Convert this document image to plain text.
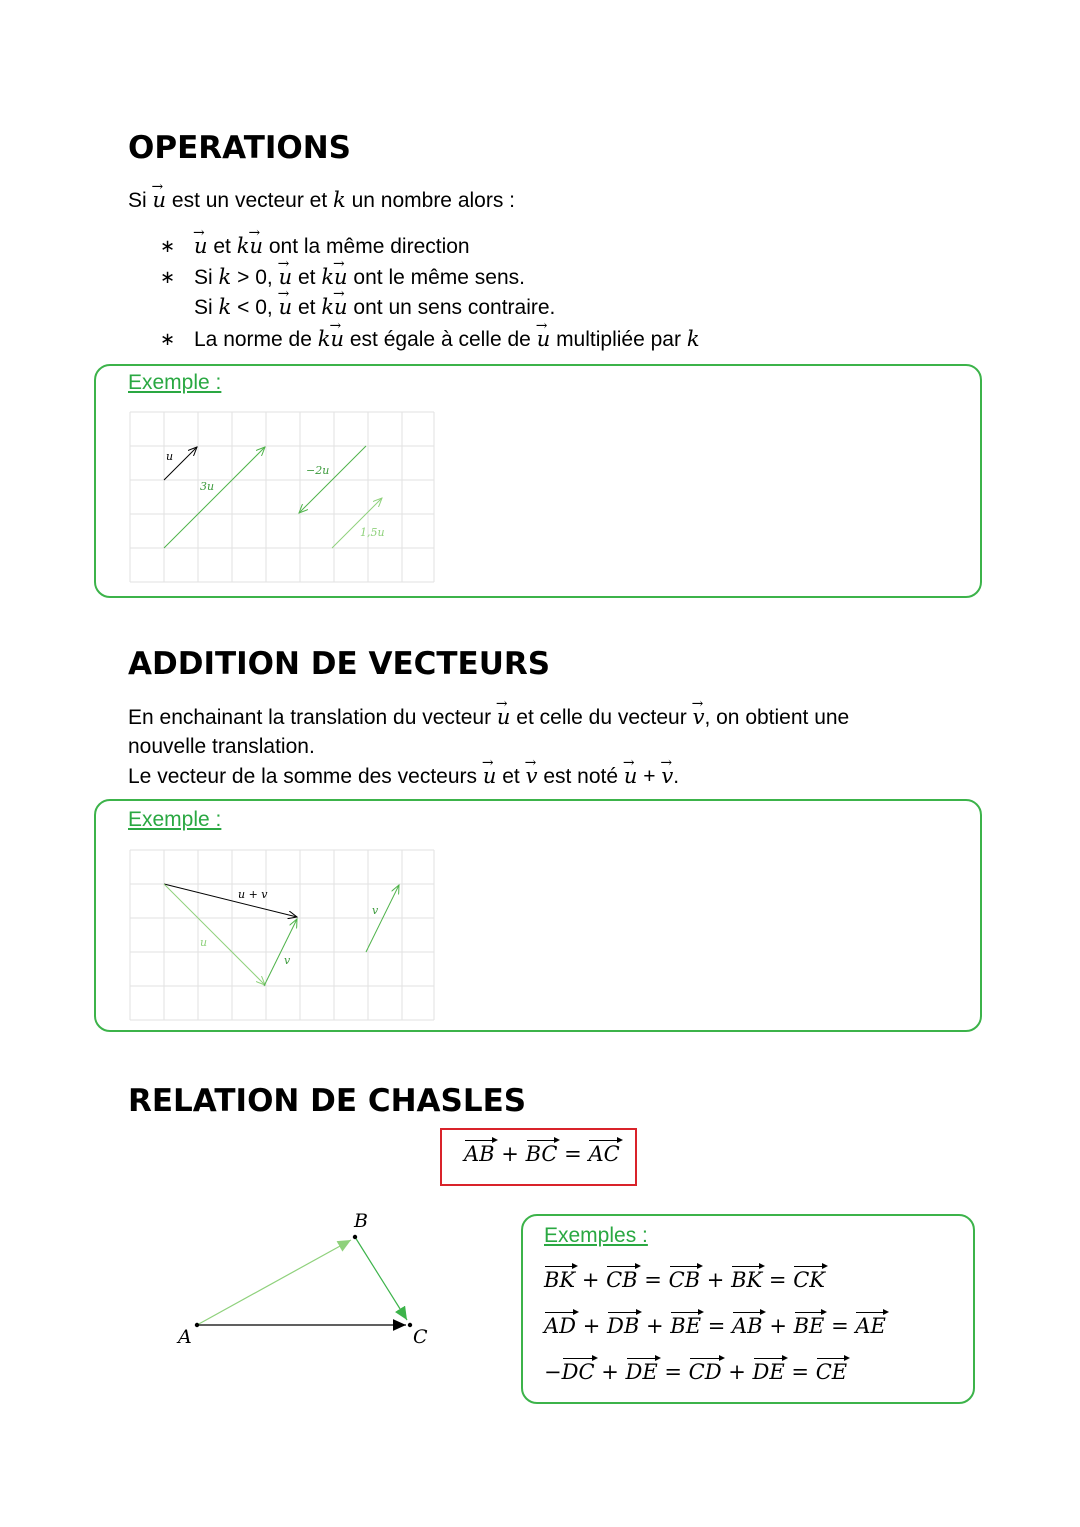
OPERATIONS
Si u → est un vecteur et k un nombre alors :
∗ u → et ku → ont la même direction
∗ Si k > 0, u → et ku → ont le même sens.
Si k < 0, u → et ku → ont un sens contraire.
∗ La norme de ku → est égale à celle de u → multipliée par k
Exemple :
u
3u
−2u
1,5u
ADDITION DE VECTEURS
En enchainant la translation du vecteur u → et celle du vecteur v →, on obtient une
nouvelle translation.
Le vecteur de la somme des vecteurs u → et v → est noté u → + v →.
Exemple :
u + v
u
v
v
RELATION DE CHASLES
AB + BC = AC
A
B
C
Exemples :
BK + CB = CB + BK = CK
AD + DB + BE = AB + BE = AE
−DC + DE = CD + DE = CE
